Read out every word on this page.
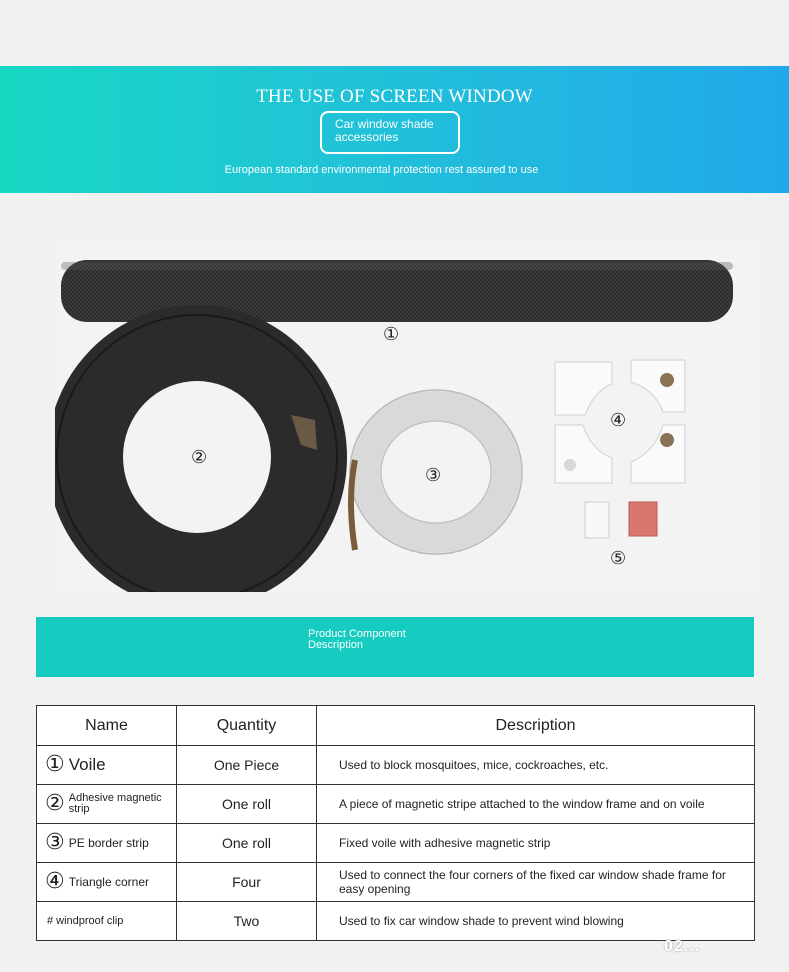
THE USE OF SCREEN WINDOW
Car window shade
accessories
European standard environmental protection rest assured to use
①
②
③
④
⑤
Product Component
Description
Name	Quantity	Description

① Voile	One Piece	Used to block mosquitoes, mice, cockroaches, etc.

② Adhesive magnetic strip	One roll	A piece of magnetic stripe attached to the window frame and on voile

③ PE border strip	One roll	Fixed voile with adhesive magnetic strip

④ Triangle corner	Four	Used to connect the four corners of the fixed car window shade frame for easy opening

# windproof clip	Two	Used to fix car window shade to prevent wind blowing
02...
